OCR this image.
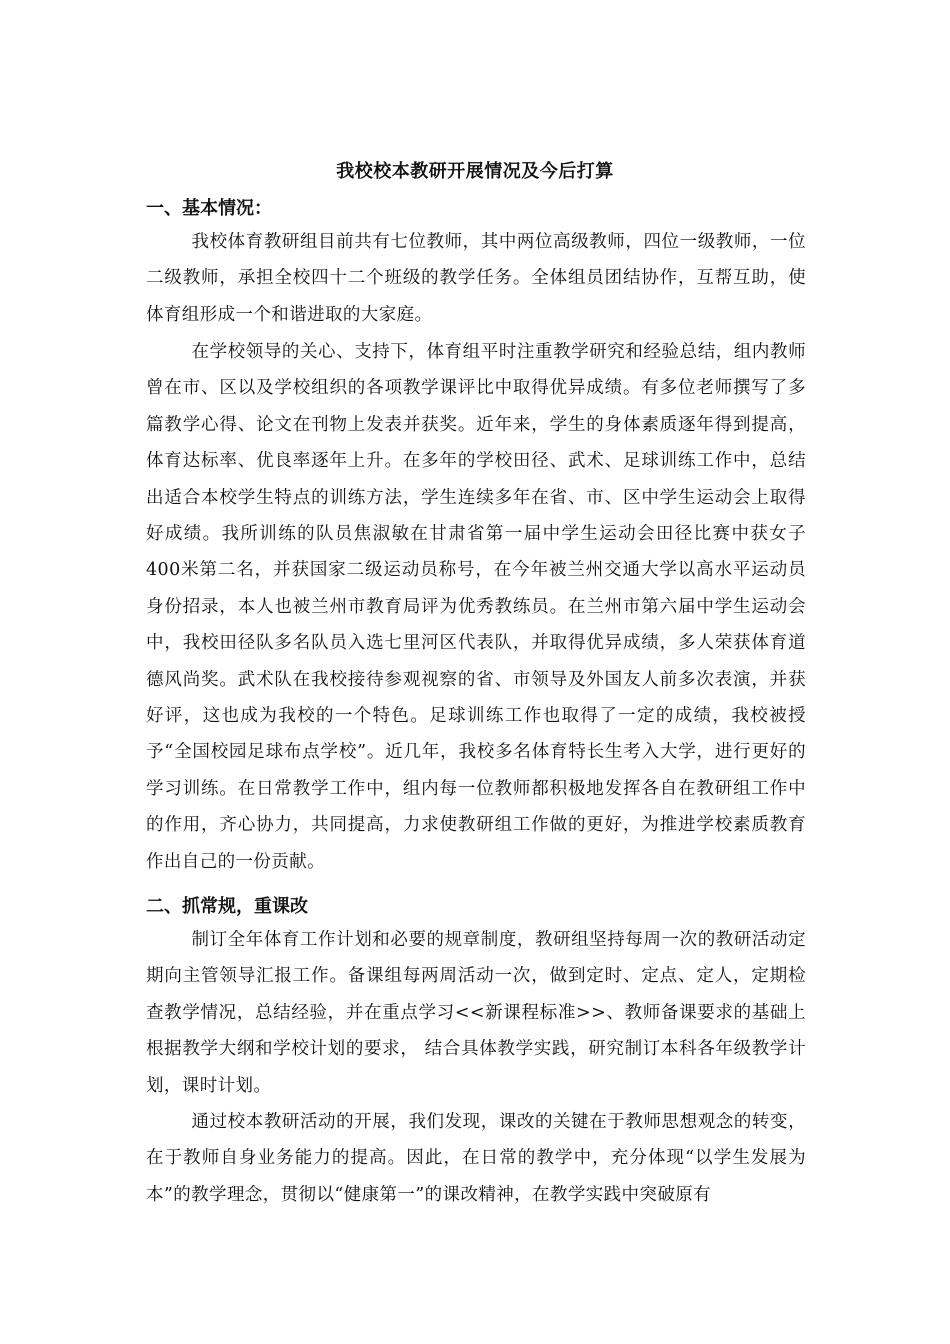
我校校本教研开展情况及今后打算
一、基本情况：

我校体育教研组目前共有七位教师，其中两位高级教师，四位一级教师，一位二级教师，承担全校四十二个班级的教学任务。全体组员团结协作，互帮互助，使体育组形成一个和谐进取的大家庭。

在学校领导的关心、支持下，体育组平时注重教学研究和经验总结，组内教师曾在市、区以及学校组织的各项教学课评比中取得优异成绩。有多位老师撰写了多篇教学心得、论文在刊物上发表并获奖。近年来，学生的身体素质逐年得到提高，体育达标率、优良率逐年上升。在多年的学校田径、武术、足球训练工作中，总结出适合本校学生特点的训练方法，学生连续多年在省、市、区中学生运动会上取得好成绩。我所训练的队员焦淑敏在甘肃省第一届中学生运动会田径比赛中获女子400米第二名，并获国家二级运动员称号，在今年被兰州交通大学以高水平运动员身份招录，本人也被兰州市教育局评为优秀教练员。在兰州市第六届中学生运动会中，我校田径队多名队员入选七里河区代表队，并取得优异成绩，多人荣获体育道德风尚奖。武术队在我校接待参观视察的省、市领导及外国友人前多次表演，并获好评，这也成为我校的一个特色。足球训练工作也取得了一定的成绩，我校被授予“全国校园足球布点学校”。近几年，我校多名体育特长生考入大学，进行更好的学习训练。在日常教学工作中，组内每一位教师都积极地发挥各自在教研组工作中的作用，齐心协力，共同提高，力求使教研组工作做的更好，为推进学校素质教育作出自己的一份贡献。

二、抓常规，重课改

制订全年体育工作计划和必要的规章制度，教研组坚持每周一次的教研活动定期向主管领导汇报工作。备课组每两周活动一次，做到定时、定点、定人，定期检查教学情况，总结经验，并在重点学习<<新课程标准>>、教师备课要求的基础上根据教学大纲和学校计划的要求， 结合具体教学实践，研究制订本科各年级教学计划，课时计划。

通过校本教研活动的开展，我们发现，课改的关键在于教师思想观念的转变，在于教师自身业务能力的提高。因此，在日常的教学中，充分体现“以学生发展为本”的教学理念，贯彻以“健康第一”的课改精神，在教学实践中突破原有
